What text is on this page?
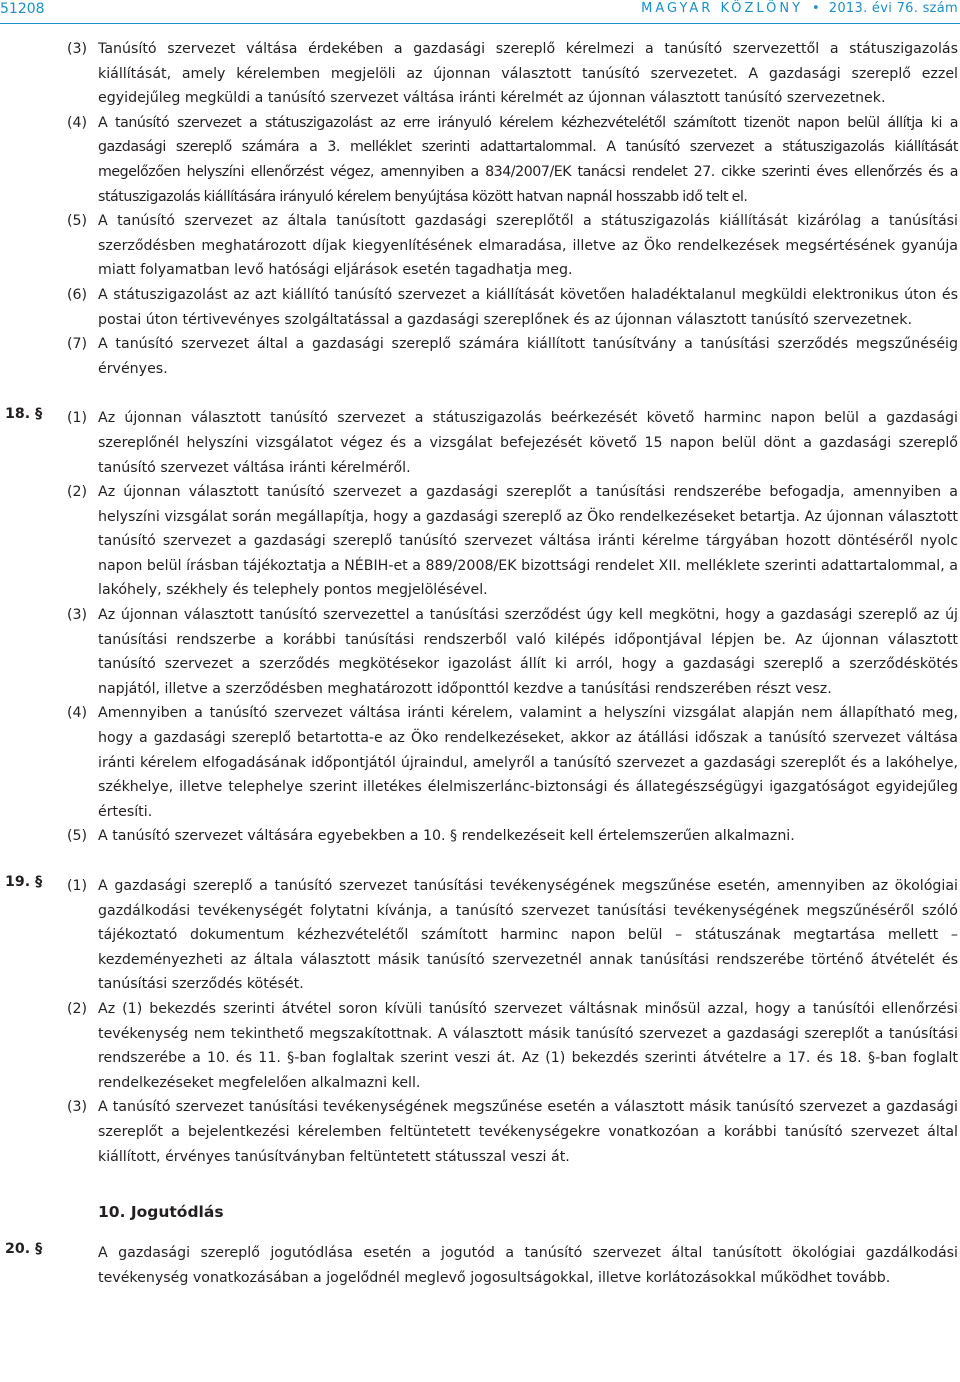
51208	MAGYAR KÖZLÖNY  •  2013. évi 76. szám
(3) Tanúsító szervezet váltása érdekében a gazdasági szereplő kérelmezi a tanúsító szervezettől a státuszigazolás kiállítását, amely kérelemben megjelöli az újonnan választott tanúsító szervezetet. A gazdasági szereplő ezzel egyidejűleg megküldi a tanúsító szervezet váltása iránti kérelmét az újonnan választott tanúsító szervezetnek.
(4) A tanúsító szervezet a státuszigazolást az erre irányuló kérelem kézhezvételétől számított tizenöt napon belül állítja ki a gazdasági szereplő számára a 3. melléklet szerinti adattartalommal. A tanúsító szervezet a státuszigazolás kiállítását megelőzően helyszíni ellenőrzést végez, amennyiben a 834/2007/EK tanácsi rendelet 27. cikke szerinti éves ellenőrzés és a státuszigazolás kiállítására irányuló kérelem benyújtása között hatvan napnál hosszabb idő telt el.
(5) A tanúsító szervezet az általa tanúsított gazdasági szereplőtől a státuszigazolás kiállítását kizárólag a tanúsítási szerződésben meghatározott díjak kiegyenlítésének elmaradása, illetve az Öko rendelkezések megsértésének gyanúja miatt folyamatban levő hatósági eljárások esetén tagadhatja meg.
(6) A státuszigazolást az azt kiállító tanúsító szervezet a kiállítását követően haladéktalanul megküldi elektronikus úton és postai úton tértivevényes szolgáltatással a gazdasági szereplőnek és az újonnan választott tanúsító szervezetnek.
(7) A tanúsító szervezet által a gazdasági szereplő számára kiállított tanúsítvány a tanúsítási szerződés megszűnéséig érvényes.
18. § (1) Az újonnan választott tanúsító szervezet a státuszigazolás beérkezését követő harminc napon belül a gazdasági szereplőnél helyszíni vizsgálatot végez és a vizsgálat befejezését követő 15 napon belül dönt a gazdasági szereplő tanúsító szervezet váltása iránti kérelméről.
(2) Az újonnan választott tanúsító szervezet a gazdasági szereplőt a tanúsítási rendszerébe befogadja, amennyiben a helyszíni vizsgálat során megállapítja, hogy a gazdasági szereplő az Öko rendelkezéseket betartja. Az újonnan választott tanúsító szervezet a gazdasági szereplő tanúsító szervezet váltása iránti kérelme tárgyában hozott döntéséről nyolc napon belül írásban tájékoztatja a NÉBIH-et a 889/2008/EK bizottsági rendelet XII. melléklete szerinti adattartalommal, a lakóhely, székhely és telephely pontos megjelölésével.
(3) Az újonnan választott tanúsító szervezettel a tanúsítási szerződést úgy kell megkötni, hogy a gazdasági szereplő az új tanúsítási rendszerbe a korábbi tanúsítási rendszerből való kilépés időpontjával lépjen be. Az újonnan választott tanúsító szervezet a szerződés megkötésekor igazolást állít ki arról, hogy a gazdasági szereplő a szerződéskötés napjától, illetve a szerződésben meghatározott időponttól kezdve a tanúsítási rendszerében részt vesz.
(4) Amennyiben a tanúsító szervezet váltása iránti kérelem, valamint a helyszíni vizsgálat alapján nem állapítható meg, hogy a gazdasági szereplő betartotta-e az Öko rendelkezéseket, akkor az átállási időszak a tanúsító szervezet váltása iránti kérelem elfogadásának időpontjától újraindul, amelyről a tanúsító szervezet a gazdasági szereplőt és a lakóhelye, székhelye, illetve telephelye szerint illetékes élelmiszerlánc-biztonsági és állategészségügyi igazgatóságot egyidejűleg értesíti.
(5) A tanúsító szervezet váltására egyebekben a 10. § rendelkezéseit kell értelemszerűen alkalmazni.
19. § (1) A gazdasági szereplő a tanúsító szervezet tanúsítási tevékenységének megszűnése esetén, amennyiben az ökológiai gazdálkodási tevékenységét folytatni kívánja, a tanúsító szervezet tanúsítási tevékenységének megszűnéséről szóló tájékoztató dokumentum kézhezvételétől számított harminc napon belül – státuszának megtartása mellett – kezdeményezheti az általa választott másik tanúsító szervezetnél annak tanúsítási rendszerébe történő átvételét és tanúsítási szerződés kötését.
(2) Az (1) bekezdés szerinti átvétel soron kívüli tanúsító szervezet váltásnak minősül azzal, hogy a tanúsítói ellenőrzési tevékenység nem tekinthető megszakítottnak. A választott másik tanúsító szervezet a gazdasági szereplőt a tanúsítási rendszerébe a 10. és 11. §-ban foglaltak szerint veszi át. Az (1) bekezdés szerinti átvételre a 17. és 18. §-ban foglalt rendelkezéseket megfelelően alkalmazni kell.
(3) A tanúsító szervezet tanúsítási tevékenységének megszűnése esetén a választott másik tanúsító szervezet a gazdasági szereplőt a bejelentkezési kérelemben feltüntetett tevékenységekre vonatkozóan a korábbi tanúsító szervezet által kiállított, érvényes tanúsítványban feltüntetett státusszal veszi át.
10. Jogutódlás
20. §	A gazdasági szereplő jogutódlása esetén a jogutód a tanúsító szervezet által tanúsított ökológiai gazdálkodási tevékenység vonatkozásában a jogelődnél meglevő jogosultságokkal, illetve korlátozásokkal működhet tovább.
